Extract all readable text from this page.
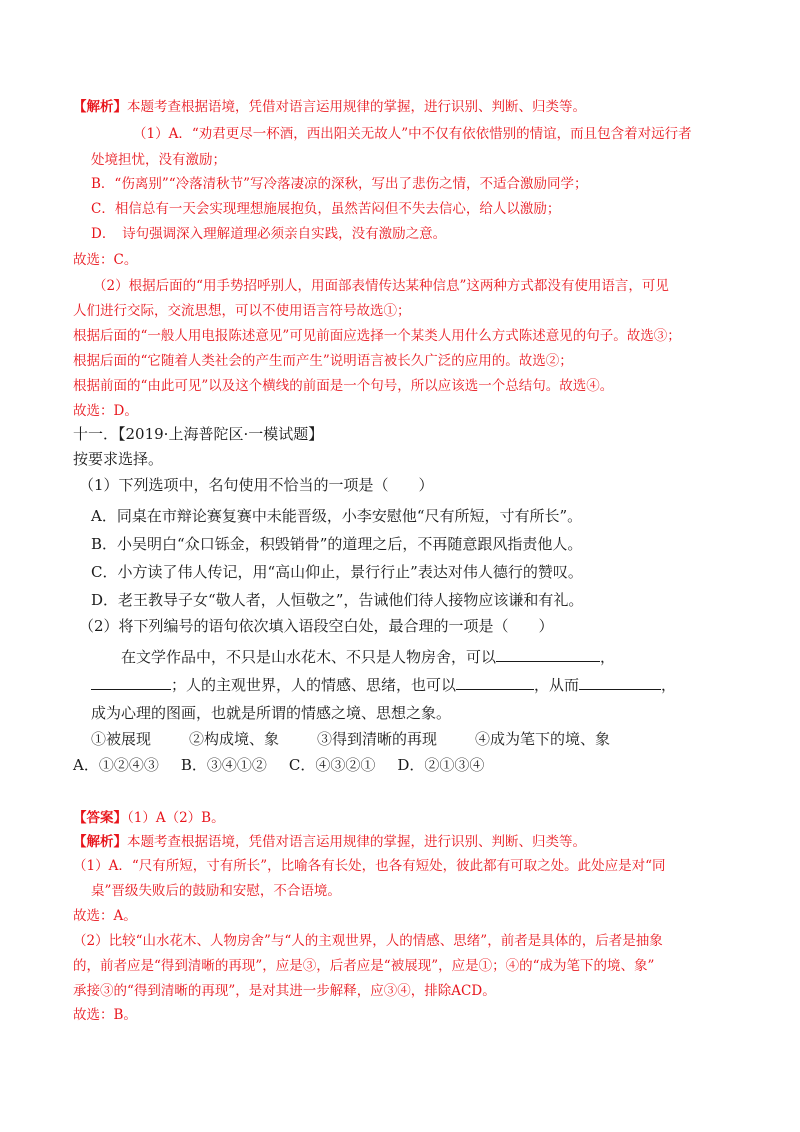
【解析】本题考查根据语境，凭借对语言运用规律的掌握，进行识别、判断、归类等。
（1）A．“劝君更尽一杯酒，西出阳关无故人”中不仅有依依惜别的情谊，而且包含着对远行者
处境担忧，没有激励；
B．“伤离别”“冷落清秋节”写冷落凄凉的深秋，写出了悲伤之情，不适合激励同学；
C．相信总有一天会实现理想施展抱负，虽然苦闷但不失去信心，给人以激励；
D．　诗句强调深入理解道理必须亲自实践，没有激励之意。
故选：C。
（2）根据后面的“用手势招呼别人，用面部表情传达某种信息”这两种方式都没有使用语言，可见
人们进行交际，交流思想，可以不使用语言符号故选①；
根据后面的“一般人用电报陈述意见”可见前面应选择一个某类人用什么方式陈述意见的句子。故选③；
根据后面的“它随着人类社会的产生而产生”说明语言被长久广泛的应用的。故选②；
根据前面的“由此可见”以及这个横线的前面是一个句号，所以应该选一个总结句。故选④。
故选：D。
十一．【2019·上海普陀区·一模试题】
按要求选择。
（1）下列选项中，名句使用不恰当的一项是（　　）
A．同桌在市辩论赛复赛中未能晋级，小李安慰他“尺有所短，寸有所长”。
B．小吴明白“众口铄金，积毁销骨”的道理之后，不再随意跟风指责他人。
C．小方读了伟人传记，用“高山仰止，景行行止”表达对伟人德行的赞叹。
D．老王教导子女“敬人者，人恒敬之”，告诫他们待人接物应该谦和有礼。
（2）将下列编号的语句依次填入语段空白处，最合理的一项是（　　）
在文学作品中，不只是山水花木、不只是人物房舍，可以	，
；人的主观世界，人的情感、思绪，也可以	，从而	，
成为心理的图画，也就是所谓的情感之境、思想之象。
①被展现	②构成境、象	③得到清晰的再现	④成为笔下的境、象
A．①②④③ B．③④①② C．④③②① D．②①③④
【答案】（1）A（2）B。
【解析】本题考查根据语境，凭借对语言运用规律的掌握，进行识别、判断、归类等。
（1）A．“尺有所短，寸有所长”，比喻各有长处，也各有短处，彼此都有可取之处。此处应是对“同
桌”晋级失败后的鼓励和安慰，不合语境。
故选：A。
（2）比较“山水花木、人物房舍”与“人的主观世界，人的情感、思绪”，前者是具体的，后者是抽象
的，前者应是“得到清晰的再现”，应是③，后者应是“被展现”，应是①；④的“成为笔下的境、象”
承接③的“得到清晰的再现”，是对其进一步解释，应③④，排除ACD。
故选：B。
